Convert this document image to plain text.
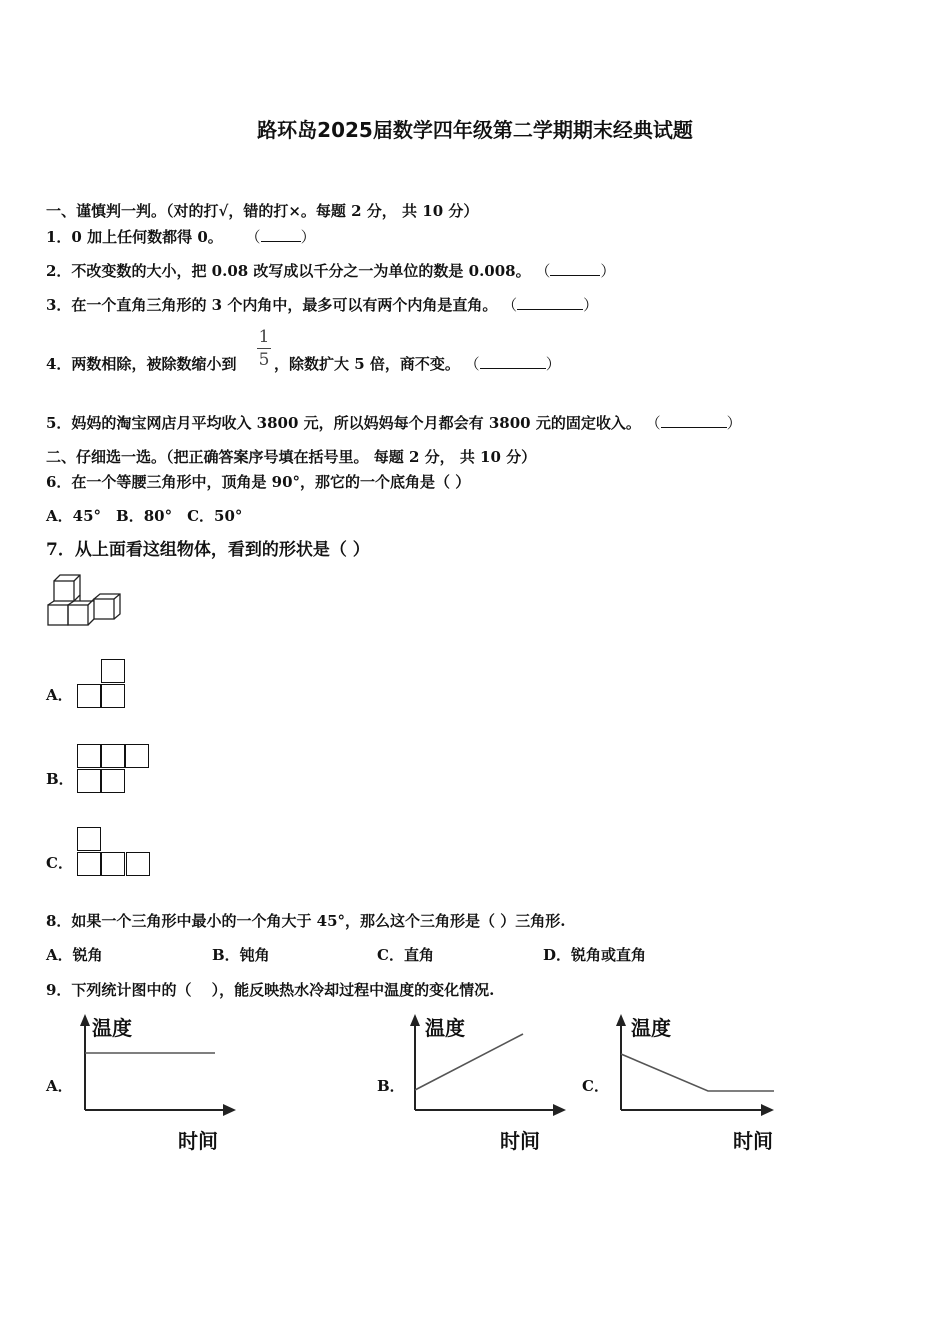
路环岛2025届数学四年级第二学期期末经典试题
一、谨慎判一判。（对的打√，错的打×。每题 2 分， 共 10 分）
1．0 加上任何数都得 0。 （	）
2．不改变数的大小，把 0.08 改写成以千分之一为单位的数是 0.008。 （	）
3．在一个直角三角形的 3 个内角中，最多可以有两个内角是直角。 （	）
4．两数相除，被除数缩小到
1
5 ，除数扩大 5 倍，商不变。 （	）
5．妈妈的淘宝网店月平均收入 3800 元，所以妈妈每个月都会有 3800 元的固定收入。 （	）
二、仔细选一选。（把正确答案序号填在括号里。 每题 2 分， 共 10 分）
6．在一个等腰三角形中，顶角是 90°，那它的一个底角是（ ）
A．45°　B．80°　C．50°
7．从上面看这组物体，看到的形状是（ ）
A．
B．
C．
8．如果一个三角形中最小的一个角大于 45°，那么这个三角形是（ ）三角形.
A．锐角	B．钝角	C．直角	D．锐角或直角
9．下列统计图中的（　 ），能反映热水冷却过程中温度的变化情况.
A．
温度
时间
B．
温度
时间
C．
温度
时间
